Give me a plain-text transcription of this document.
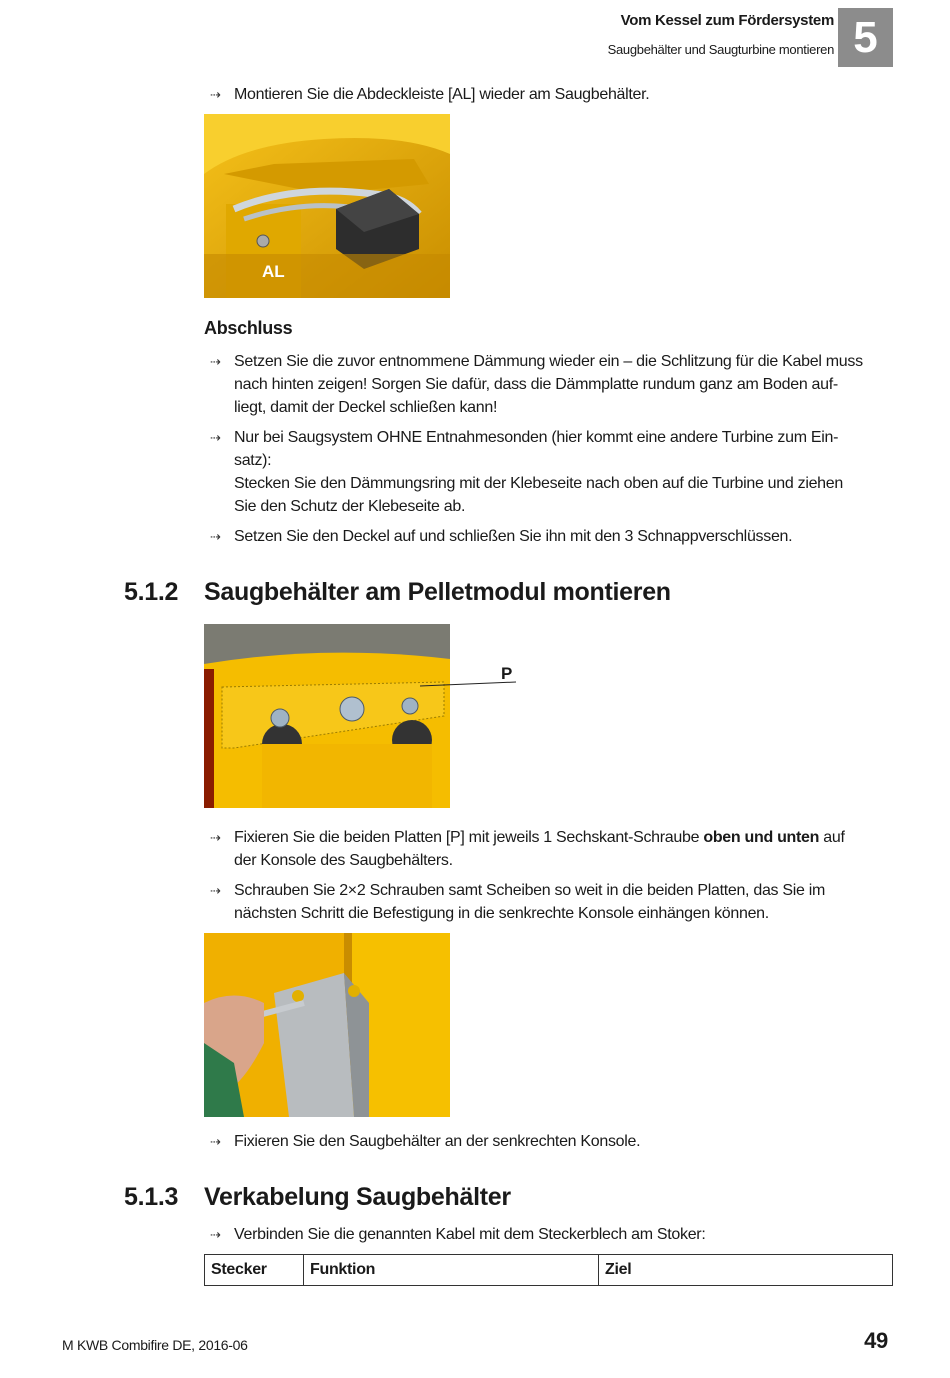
Vom Kessel zum Fördersystem
Saugbehälter und Saugturbine montieren 5
⇢ Montieren Sie die Abdeckleiste [AL] wieder am Saugbehälter.
AL
Abschluss
⇢ Setzen Sie die zuvor entnommene Dämmung wieder ein – die Schlitzung für die Kabel muss
nach hinten zeigen! Sorgen Sie dafür, dass die Dämmplatte rundum ganz am Boden auf-
liegt, damit der Deckel schließen kann!
⇢ Nur bei Saugsystem OHNE Entnahmesonden (hier kommt eine andere Turbine zum Ein-
satz):
Stecken Sie den Dämmungsring mit der Klebeseite nach oben auf die Turbine und ziehen
Sie den Schutz der Klebeseite ab.
⇢ Setzen Sie den Deckel auf und schließen Sie ihn mit den 3 Schnappverschlüssen.
5.1.2 Saugbehälter am Pelletmodul montieren
P
⇢ Fixieren Sie die beiden Platten [P] mit jeweils 1 Sechskant-Schraube oben und unten auf
der Konsole des Saugbehälters.
⇢ Schrauben Sie 2×2 Schrauben samt Scheiben so weit in die beiden Platten, das Sie im
nächsten Schritt die Befestigung in die senkrechte Konsole einhängen können.
⇢ Fixieren Sie den Saugbehälter an der senkrechten Konsole.
5.1.3 Verkabelung Saugbehälter
⇢ Verbinden Sie die genannten Kabel mit dem Steckerblech am Stoker:
Stecker	Funktion	Ziel
M KWB Combifire DE, 2016-06	49
